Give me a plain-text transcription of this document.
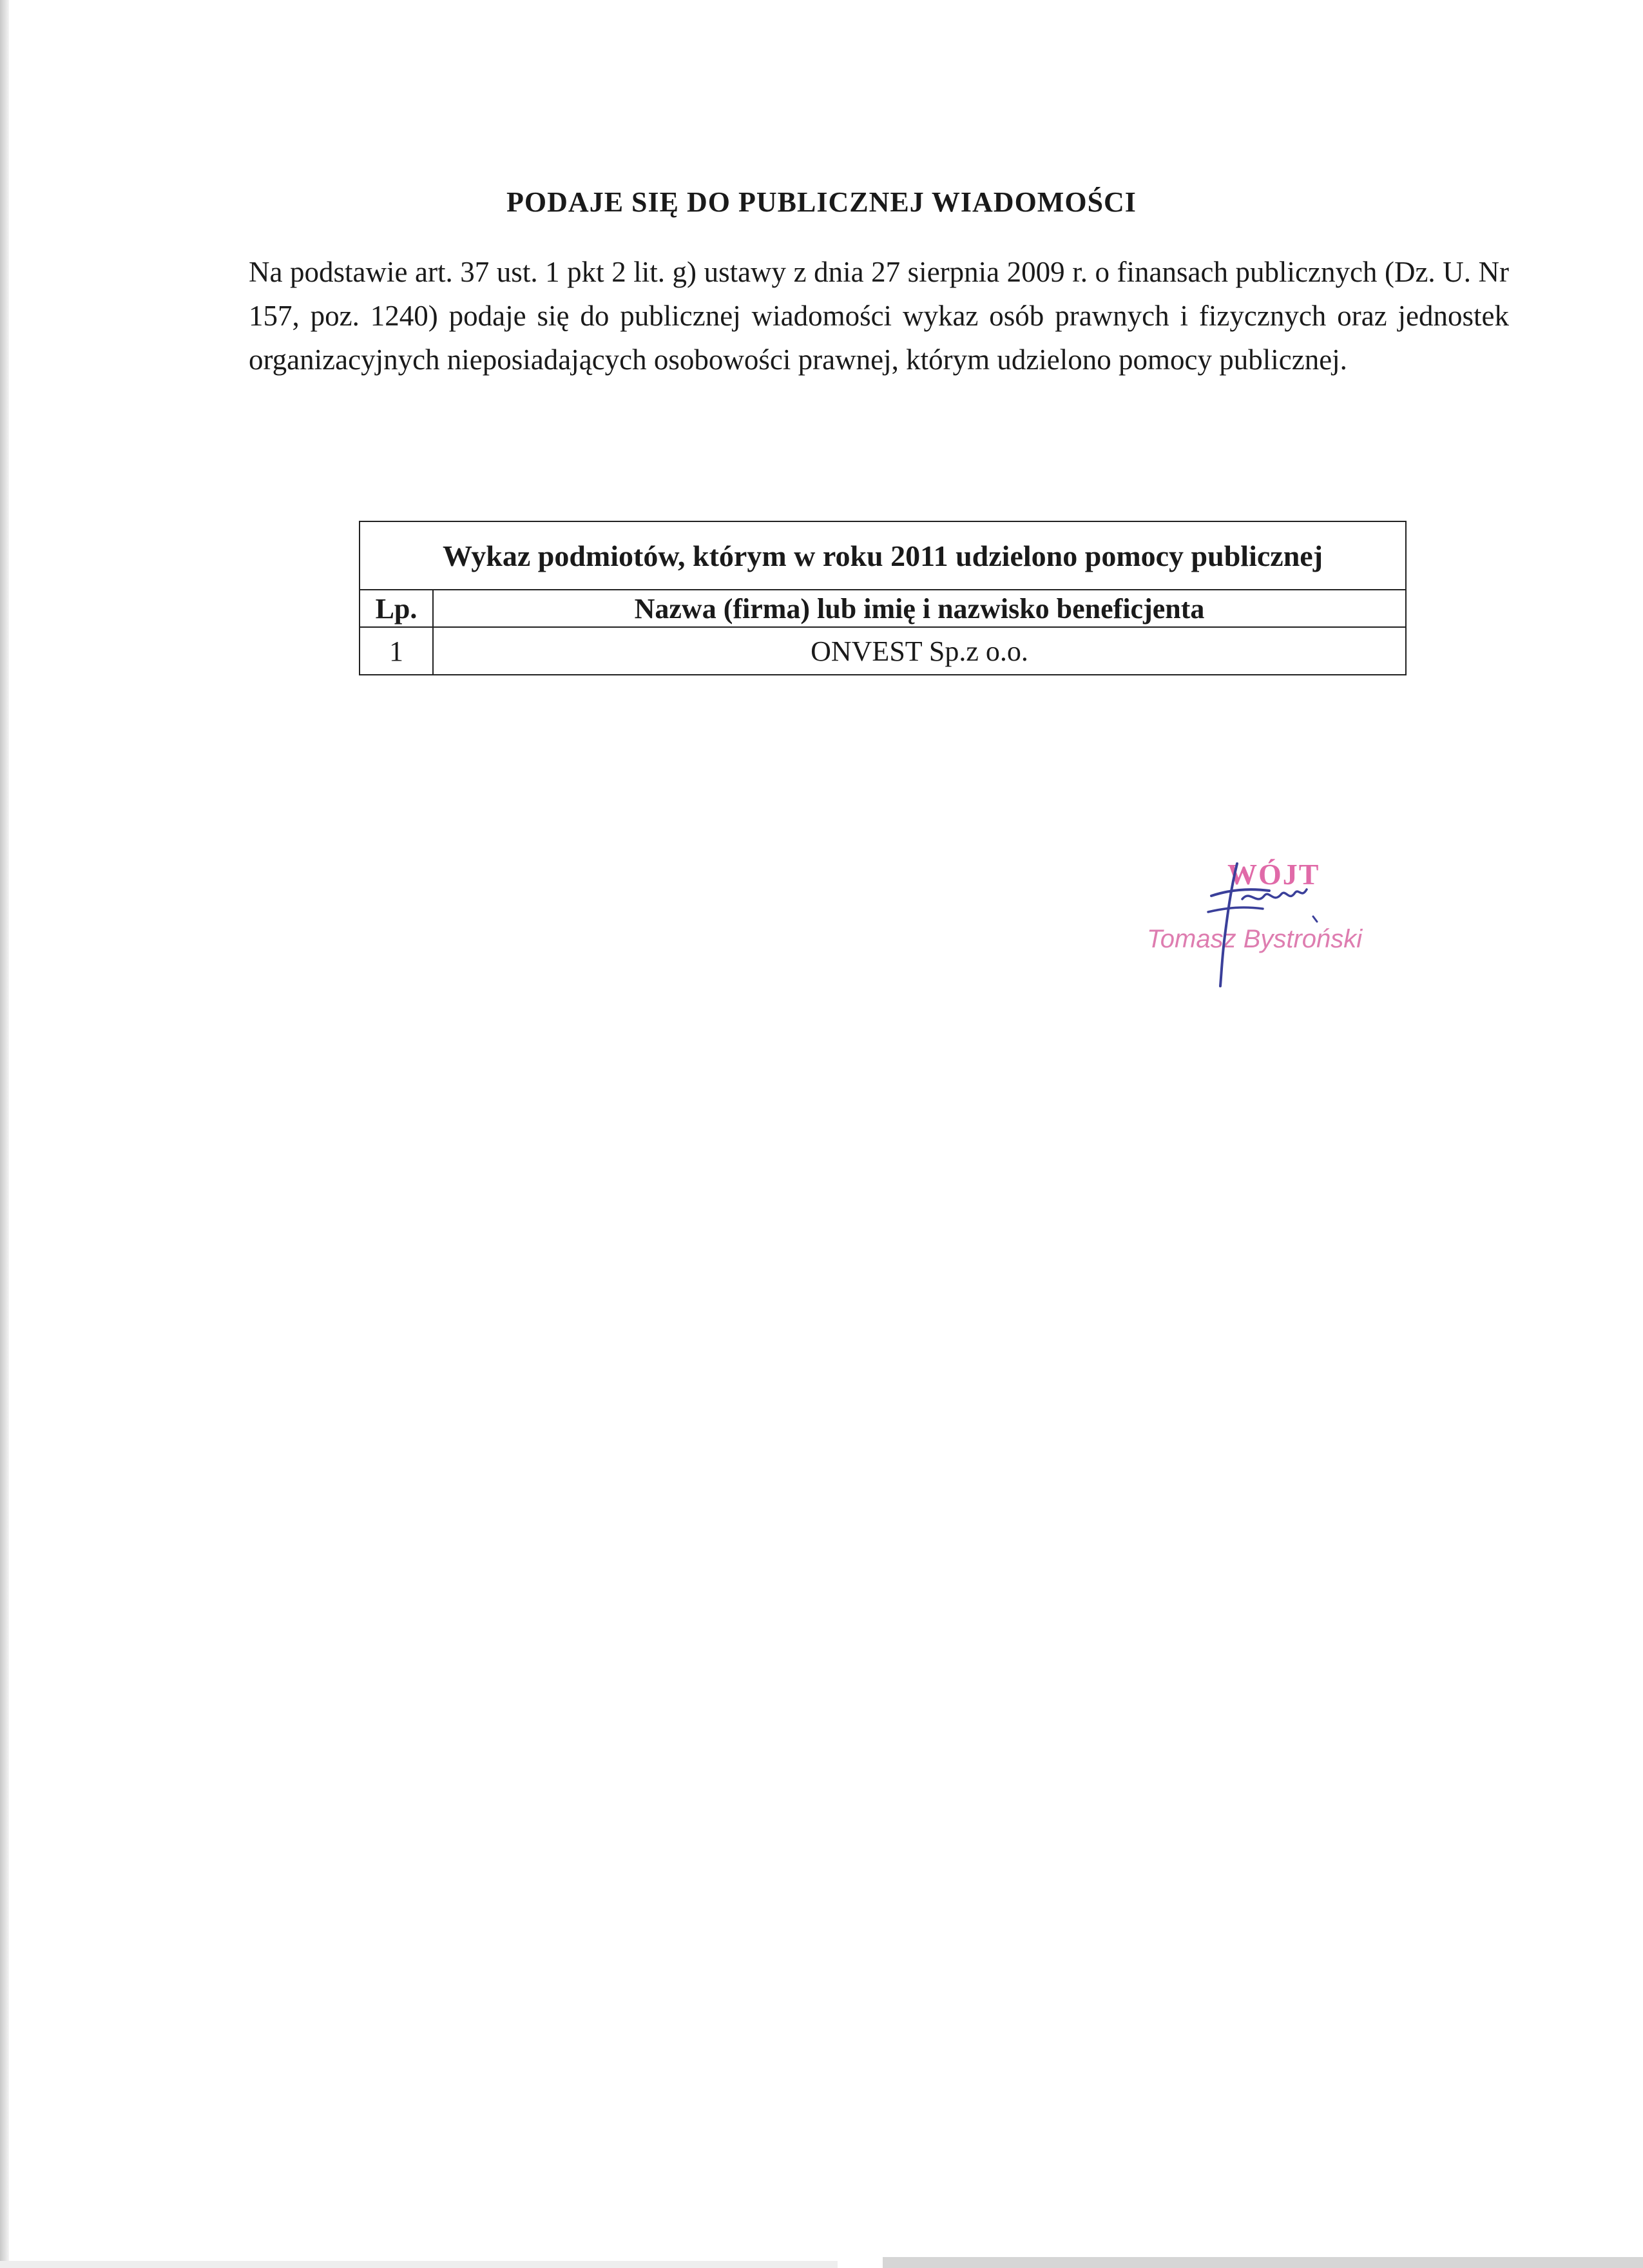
PODAJE SIĘ DO PUBLICZNEJ WIADOMOŚCI
Na podstawie art. 37 ust. 1 pkt 2 lit. g) ustawy z dnia 27 sierpnia 2009 r. o finansach publicznych (Dz. U. Nr 157, poz. 1240) podaje się do publicznej wiadomości wykaz osób prawnych i fizycznych oraz jednostek organizacyjnych nieposiadających osobowości prawnej, którym udzielono pomocy publicznej.
Wykaz podmiotów, którym w roku 2011 udzielono pomocy publicznej	
Lp.	Nazwa (firma) lub imię i nazwisko beneficjenta
1	ONVEST Sp.z o.o.
WÓJT
Tomasz Bystroński
